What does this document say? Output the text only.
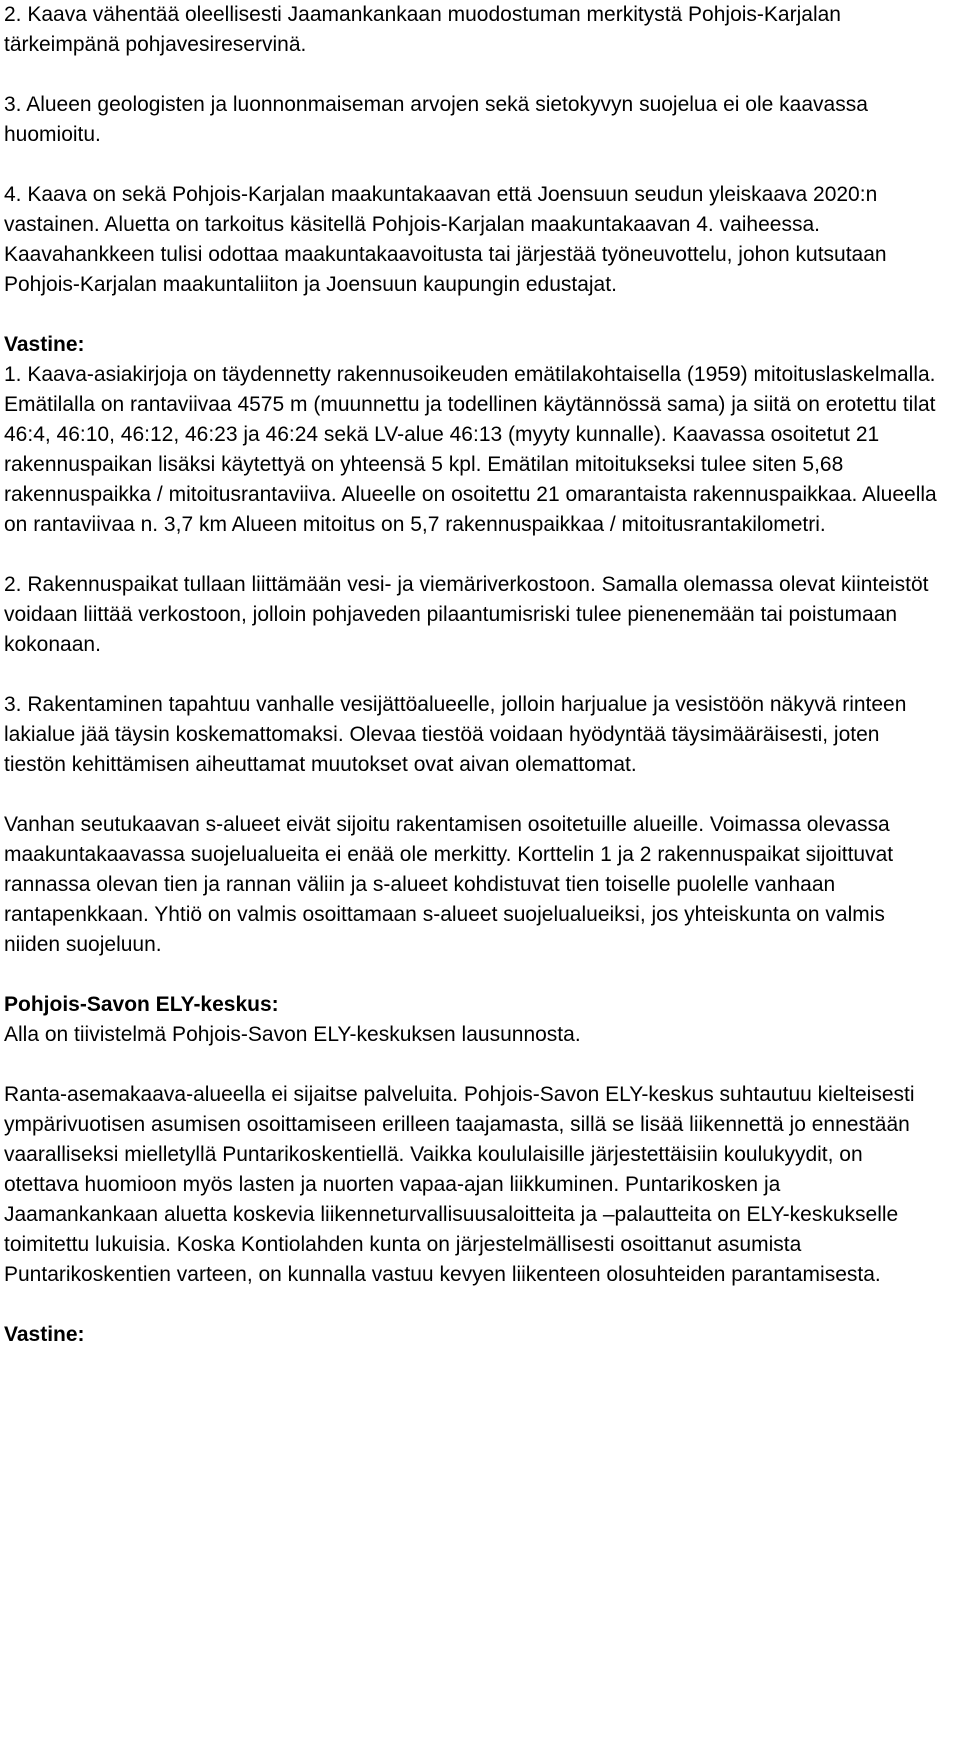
2. Kaava vähentää oleellisesti Jaamankankaan muodostuman merkitystä Pohjois-Karjalan tärkeimpänä pohjavesireservinä.

3. Alueen geologisten ja luonnonmaiseman arvojen sekä sietokyvyn suojelua ei ole kaavassa huomioitu.

4. Kaava on sekä Pohjois-Karjalan maakuntakaavan että Joensuun seudun yleiskaava 2020:n vastainen. Aluetta on tarkoitus käsitellä Pohjois-Karjalan maakuntakaavan 4. vaiheessa. Kaavahankkeen tulisi odottaa maakuntakaavoitusta tai järjestää työneuvottelu, johon kutsutaan Pohjois-Karjalan maakuntaliiton ja Joensuun kaupungin edustajat.

Vastine:

1. Kaava-asiakirjoja on täydennetty rakennusoikeuden emätilakohtaisella (1959) mitoituslaskelmalla. Emätilalla on rantaviivaa 4575 m (muunnettu ja todellinen käytännössä sama) ja siitä on erotettu tilat 46:4, 46:10, 46:12, 46:23 ja 46:24 sekä LV-alue 46:13 (myyty kunnalle). Kaavassa osoitetut 21 rakennuspaikan lisäksi käytettyä on yhteensä 5 kpl. Emätilan mitoitukseksi tulee siten 5,68 rakennuspaikka / mitoitusrantaviiva. Alueelle on osoitettu 21 omarantaista rakennuspaikkaa. Alueella on rantaviivaa n. 3,7 km Alueen mitoitus on 5,7 rakennuspaikkaa / mitoitusrantakilometri.

2. Rakennuspaikat tullaan liittämään vesi- ja viemäriverkostoon. Samalla olemassa olevat kiinteistöt voidaan liittää verkostoon, jolloin pohjaveden pilaantumisriski tulee pienenemään tai poistumaan kokonaan.

3. Rakentaminen tapahtuu vanhalle vesijättöalueelle, jolloin harjualue ja vesistöön näkyvä rinteen lakialue jää täysin koskemattomaksi. Olevaa tiestöä voidaan hyödyntää täysimääräisesti, joten tiestön kehittämisen aiheuttamat muutokset ovat aivan olemattomat.

Vanhan seutukaavan s-alueet eivät sijoitu rakentamisen osoitetuille alueille. Voimassa olevassa maakuntakaavassa suojelualueita ei enää ole merkitty. Korttelin 1 ja 2 rakennuspaikat sijoittuvat rannassa olevan tien ja rannan väliin ja s-alueet kohdistuvat tien toiselle puolelle vanhaan rantapenkkaan. Yhtiö on valmis osoittamaan s-alueet suojelualueiksi, jos yhteiskunta on valmis niiden suojeluun.

Pohjois-Savon ELY-keskus:

Alla on tiivistelmä Pohjois-Savon ELY-keskuksen lausunnosta.

Ranta-asemakaava-alueella ei sijaitse palveluita. Pohjois-Savon ELY-keskus suhtautuu kielteisesti ympärivuotisen asumisen osoittamiseen erilleen taajamasta, sillä se lisää liikennettä jo ennestään vaaralliseksi mielletyllä Puntarikoskentiellä. Vaikka koululaisille järjestettäisiin koulukyydit, on otettava huomioon myös lasten ja nuorten vapaa-ajan liikkuminen. Puntarikosken ja Jaamankankaan aluetta koskevia liikenneturvallisuusaloitteita ja –palautteita on ELY-keskukselle toimitettu lukuisia. Koska Kontiolahden kunta on järjestelmällisesti osoittanut asumista Puntarikoskentien varteen, on kunnalla vastuu kevyen liikenteen olosuhteiden parantamisesta.

Vastine:
